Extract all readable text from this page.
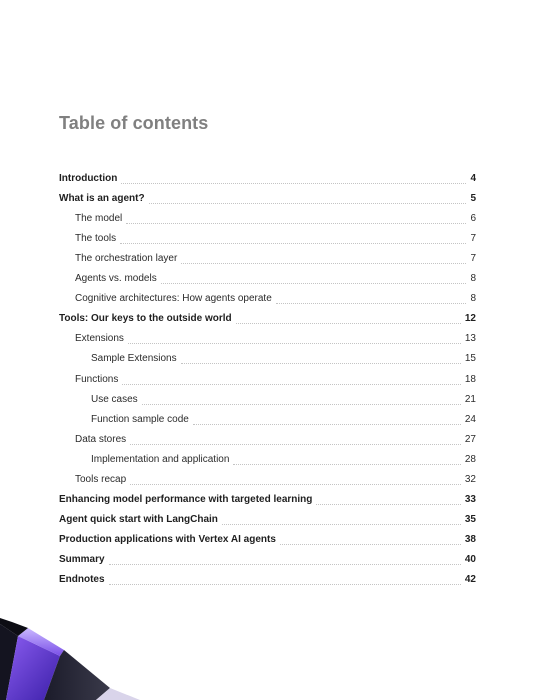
Table of contents
Introduction	4
What is an agent?	5
The model	6
The tools	7
The orchestration layer	7
Agents vs. models	8
Cognitive architectures: How agents operate	8
Tools: Our keys to the outside world	12
Extensions	13
Sample Extensions	15
Functions	18
Use cases	21
Function sample code	24
Data stores	27
Implementation and application	28
Tools recap	32
Enhancing model performance with targeted learning	33
Agent quick start with LangChain	35
Production applications with Vertex AI agents	38
Summary	40
Endnotes	42
